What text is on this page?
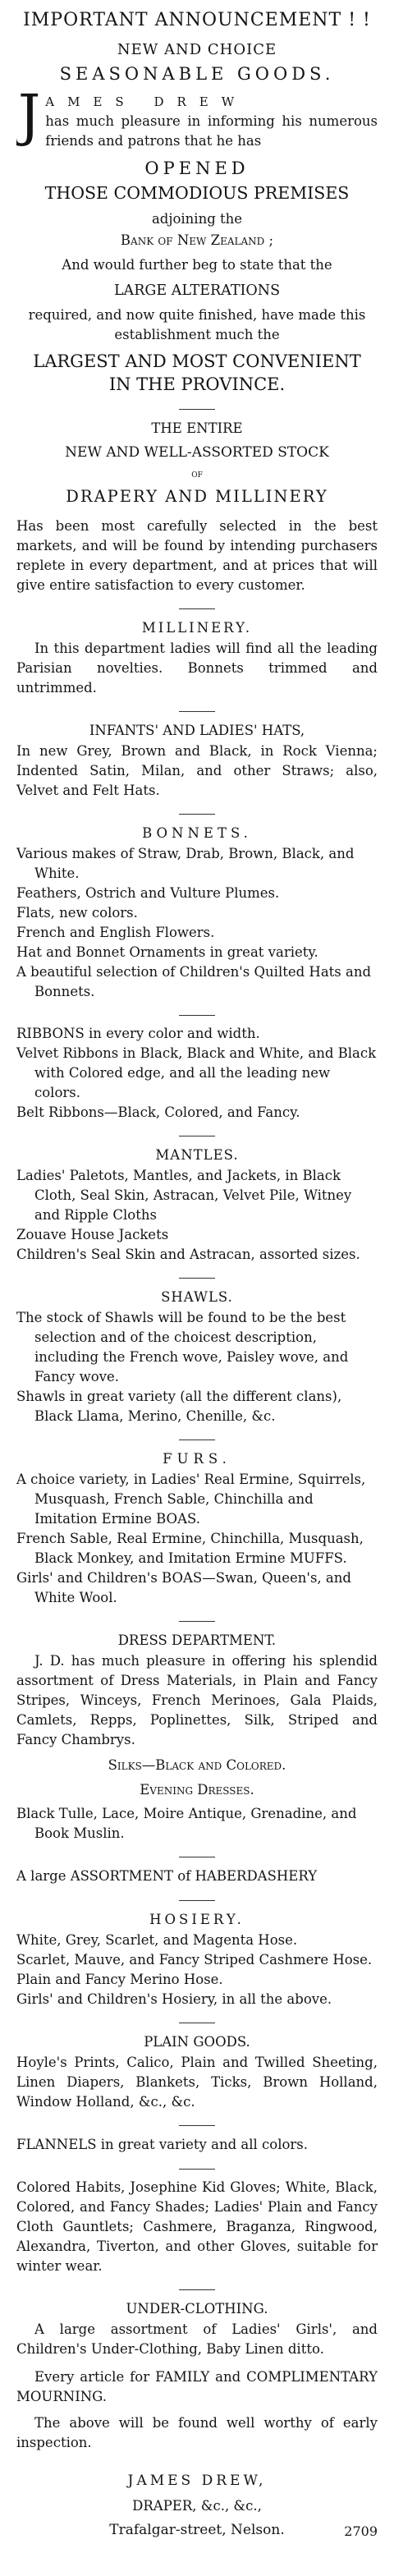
IMPORTANT ANNOUNCEMENT ! !
NEW AND CHOICE
SEASONABLE GOODS.
J AMES DREW
has much pleasure in informing his numerous friends and patrons that he has
OPENED
THOSE COMMODIOUS PREMISES
adjoining the
Bank of New Zealand ;
And would further beg to state that the
LARGE ALTERATIONS
required, and now quite finished, have made this establishment much the
LARGEST AND MOST CONVENIENT
IN THE PROVINCE.
THE ENTIRE
NEW AND WELL-ASSORTED STOCK
of
DRAPERY AND MILLINERY
Has been most carefully selected in the best markets, and will be found by intending purchasers replete in every department, and at prices that will give entire satisfaction to every customer.
MILLINERY.
In this department ladies will find all the leading Parisian novelties. Bonnets trimmed and untrimmed.
INFANTS' AND LADIES' HATS,
In new Grey, Brown and Black, in Rock Vienna; Indented Satin, Milan, and other Straws; also, Velvet and Felt Hats.
BONNETS.
Various makes of Straw, Drab, Brown, Black, and White.
Feathers, Ostrich and Vulture Plumes.
Flats, new colors.
French and English Flowers.
Hat and Bonnet Ornaments in great variety.
A beautiful selection of Children's Quilted Hats and Bonnets.
RIBBONS in every color and width.
Velvet Ribbons in Black, Black and White, and Black with Colored edge, and all the leading new colors.
Belt Ribbons—Black, Colored, and Fancy.
MANTLES.
Ladies' Paletots, Mantles, and Jackets, in Black Cloth, Seal Skin, Astracan, Velvet Pile, Witney and Ripple Cloths
Zouave House Jackets
Children's Seal Skin and Astracan, assorted sizes.
SHAWLS.
The stock of Shawls will be found to be the best selection and of the choicest description, including the French wove, Paisley wove, and Fancy wove.
Shawls in great variety (all the different clans), Black Llama, Merino, Chenille, &c.
FURS.
A choice variety, in Ladies' Real Ermine, Squirrels, Musquash, French Sable, Chinchilla and Imitation Ermine BOAS.
French Sable, Real Ermine, Chinchilla, Musquash, Black Monkey, and Imitation Ermine MUFFS.
Girls' and Children's BOAS—Swan, Queen's, and White Wool.
DRESS DEPARTMENT.
J. D. has much pleasure in offering his splendid assortment of Dress Materials, in Plain and Fancy Stripes, Winceys, French Merinoes, Gala Plaids, Camlets, Repps, Poplinettes, Silk, Striped and Fancy Chambrys.
Silks—Black and Colored.
Evening Dresses.
Black Tulle, Lace, Moire Antique, Grenadine, and Book Muslin.
A large ASSORTMENT of HABERDASHERY
HOSIERY.
White, Grey, Scarlet, and Magenta Hose.
Scarlet, Mauve, and Fancy Striped Cashmere Hose.
Plain and Fancy Merino Hose.
Girls' and Children's Hosiery, in all the above.
PLAIN GOODS.
Hoyle's Prints, Calico, Plain and Twilled Sheeting, Linen Diapers, Blankets, Ticks, Brown Holland, Window Holland, &c., &c.
FLANNELS in great variety and all colors.
Colored Habits, Josephine Kid Gloves; White, Black, Colored, and Fancy Shades; Ladies' Plain and Fancy Cloth Gauntlets; Cashmere, Braganza, Ringwood, Alexandra, Tiverton, and other Gloves, suitable for winter wear.
UNDER-CLOTHING.
A large assortment of Ladies' Girls', and Children's Under-Clothing, Baby Linen ditto.
Every article for FAMILY and COMPLIMENTARY MOURNING.
The above will be found well worthy of early inspection.
JAMES DREW,
DRAPER, &c., &c.,
Trafalgar-street, Nelson.	2709
